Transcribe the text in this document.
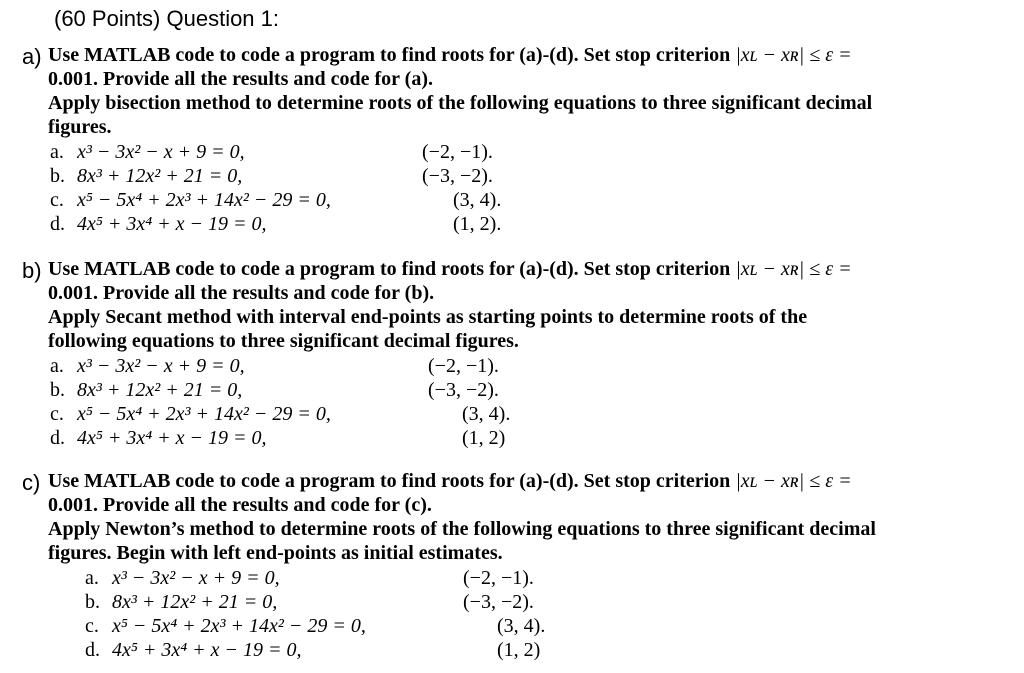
(60 Points) Question 1:
a) Use MATLAB code to code a program to find roots for (a)-(d). Set stop criterion |xʟ − xʀ| ≤ ε =
0.001. Provide all the results and code for (a).
Apply bisection method to determine roots of the following equations to three significant decimal
figures.
a. x³ − 3x² − x + 9 = 0,	(−2, −1).
b. 8x³ + 12x² + 21 = 0,	(−3, −2).
c. x⁵ − 5x⁴ + 2x³ + 14x² − 29 = 0,	(3, 4).
d. 4x⁵ + 3x⁴ + x − 19 = 0,	(1, 2).
b) Use MATLAB code to code a program to find roots for (a)-(d). Set stop criterion |xʟ − xʀ| ≤ ε =
0.001. Provide all the results and code for (b).
Apply Secant method with interval end-points as starting points to determine roots of the
following equations to three significant decimal figures.
a. x³ − 3x² − x + 9 = 0,	(−2, −1).
b. 8x³ + 12x² + 21 = 0,	(−3, −2).
c. x⁵ − 5x⁴ + 2x³ + 14x² − 29 = 0,	(3, 4).
d. 4x⁵ + 3x⁴ + x − 19 = 0,	(1, 2)
c) Use MATLAB code to code a program to find roots for (a)-(d). Set stop criterion |xʟ − xʀ| ≤ ε =
0.001. Provide all the results and code for (c).
Apply Newton’s method to determine roots of the following equations to three significant decimal
figures. Begin with left end-points as initial estimates.
a. x³ − 3x² − x + 9 = 0,	(−2, −1).
b. 8x³ + 12x² + 21 = 0,	(−3, −2).
c. x⁵ − 5x⁴ + 2x³ + 14x² − 29 = 0,	(3, 4).
d. 4x⁵ + 3x⁴ + x − 19 = 0,	(1, 2)
